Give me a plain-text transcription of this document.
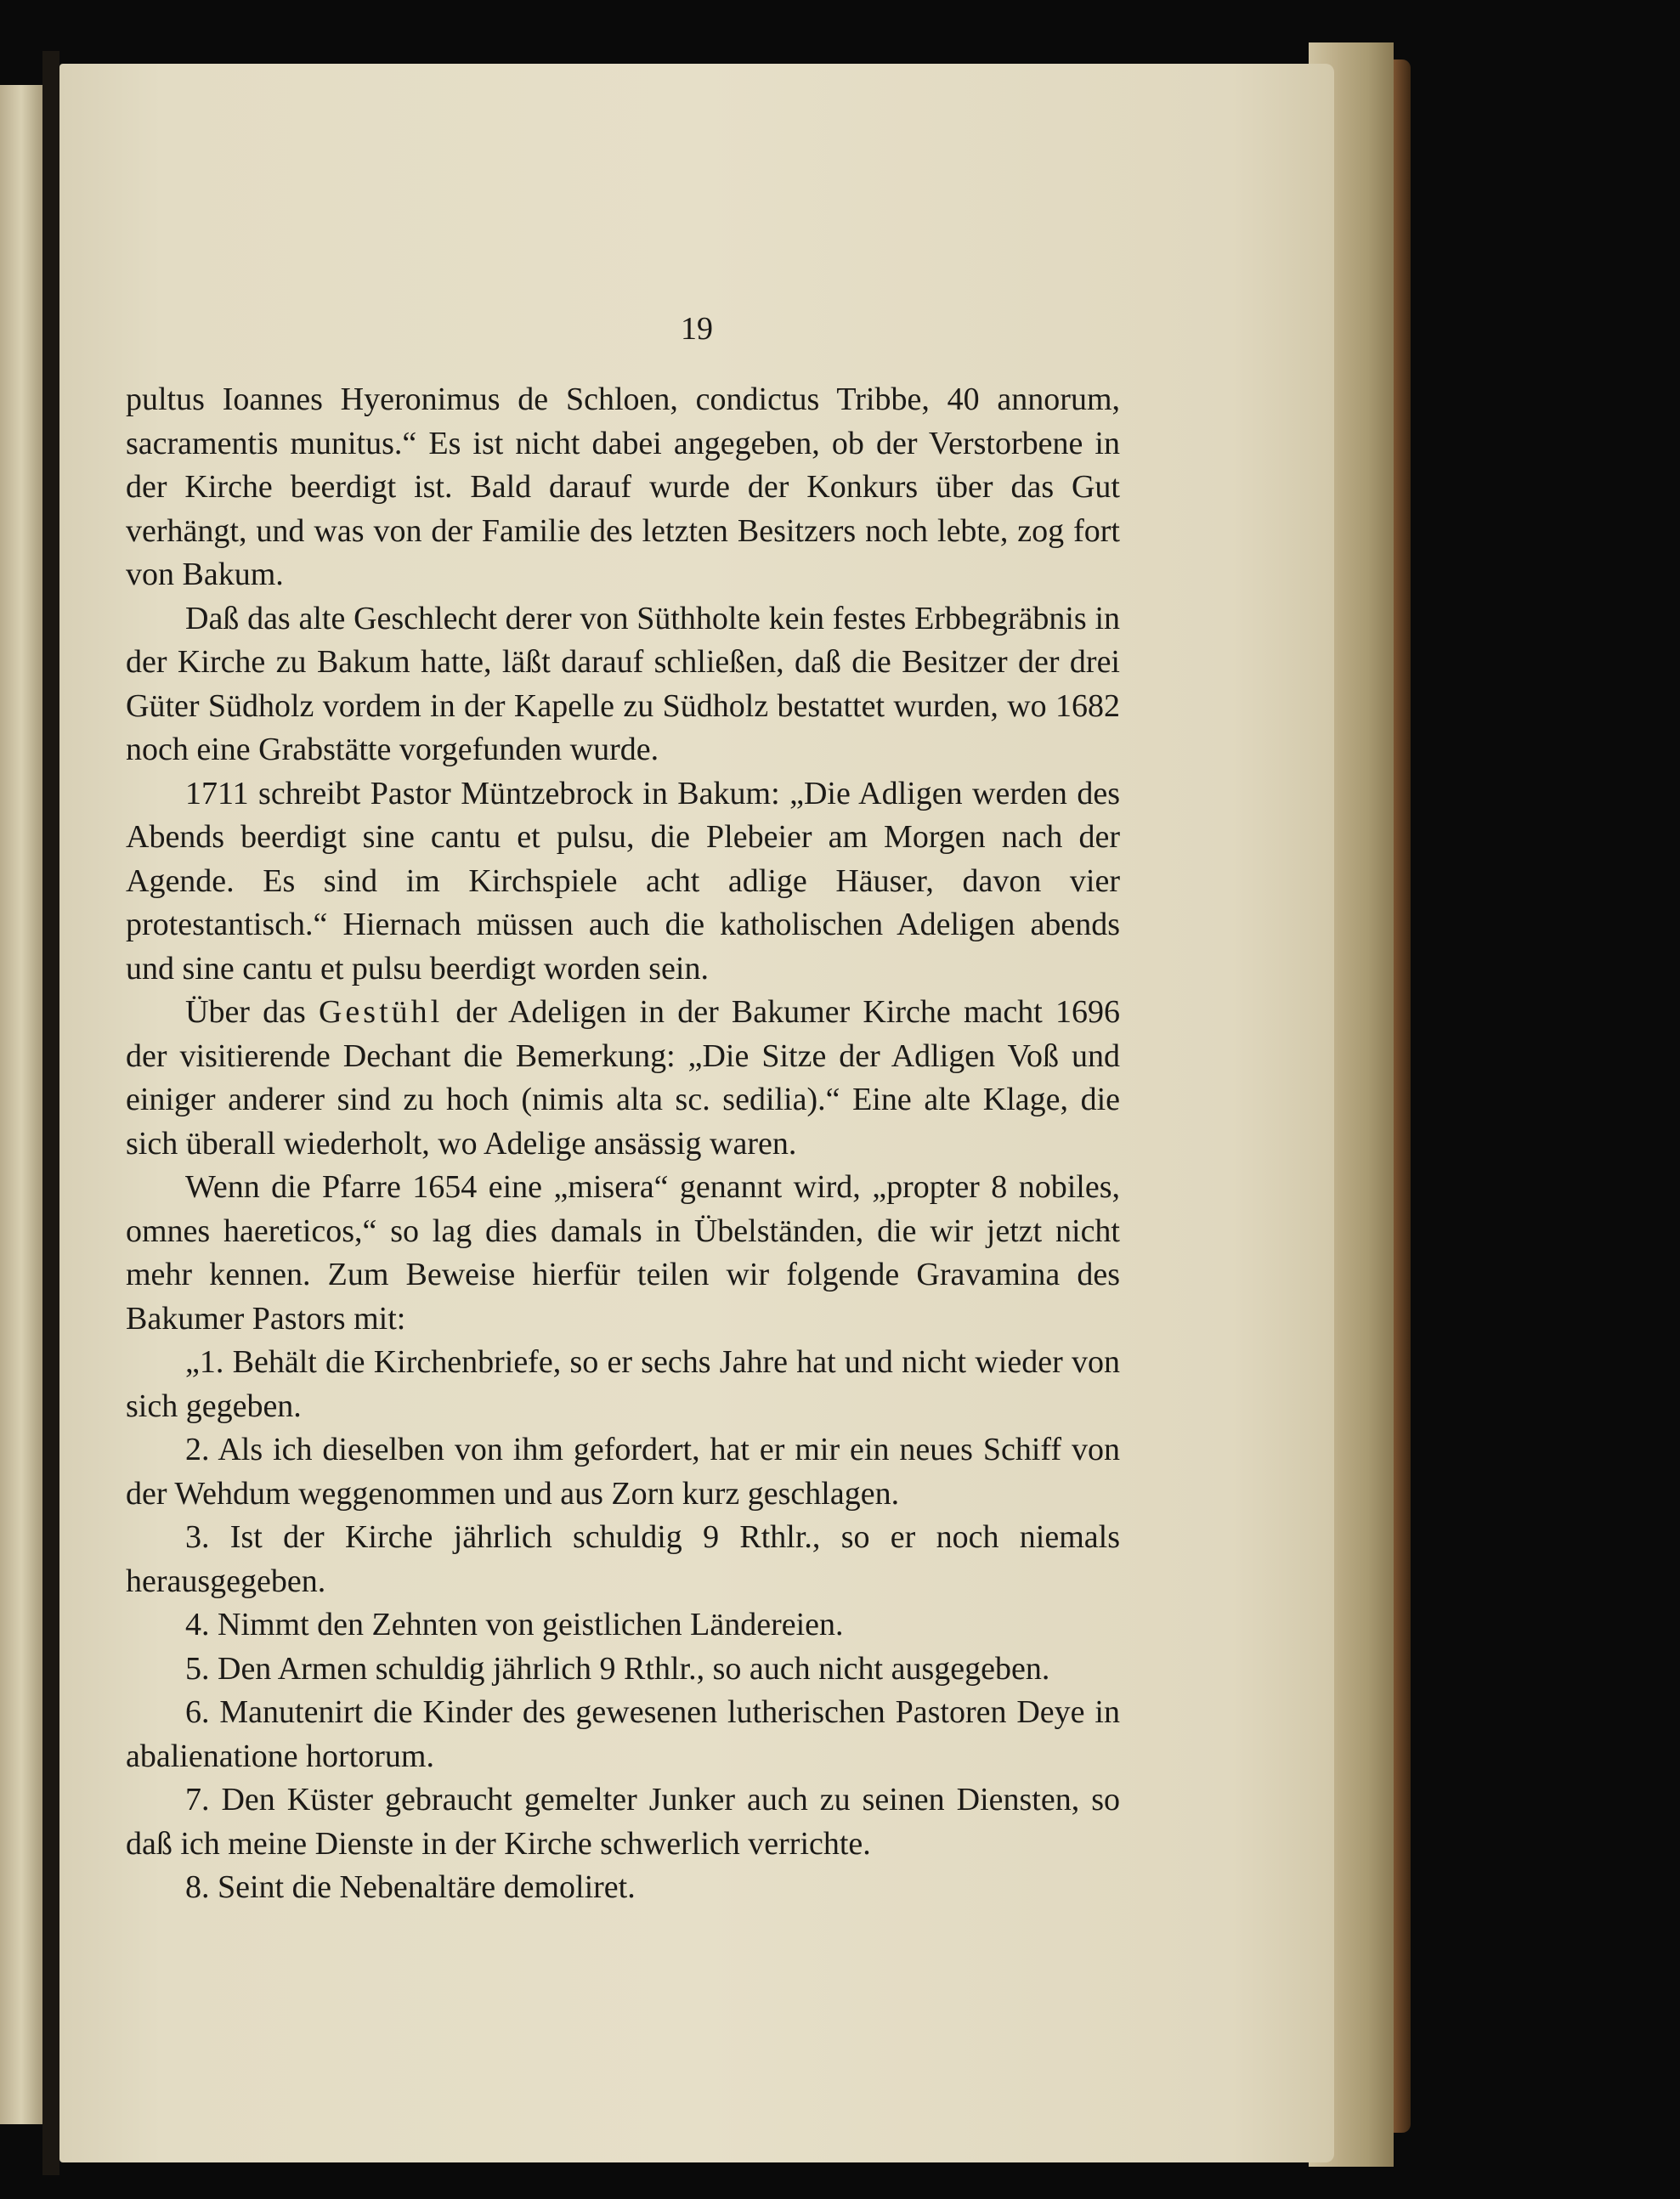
19

pultus Ioannes Hyeronimus de Schloen, condictus Tribbe, 40 annorum, sacramentis munitus.“ Es ist nicht dabei angegeben, ob der Verstorbene in der Kirche beerdigt ist. Bald darauf wurde der Konkurs über das Gut verhängt, und was von der Familie des letzten Besitzers noch lebte, zog fort von Bakum.

Daß das alte Geschlecht derer von Süthholte kein festes Erbbegräbnis in der Kirche zu Bakum hatte, läßt darauf schließen, daß die Besitzer der drei Güter Südholz vordem in der Kapelle zu Südholz bestattet wurden, wo 1682 noch eine Grabstätte vorgefunden wurde.

1711 schreibt Pastor Müntzebrock in Bakum: „Die Adligen werden des Abends beerdigt sine cantu et pulsu, die Plebeier am Morgen nach der Agende. Es sind im Kirchspiele acht adlige Häuser, davon vier protestantisch.“ Hiernach müssen auch die katholischen Adeligen abends und sine cantu et pulsu beerdigt worden sein.

Über das Gestühl der Adeligen in der Bakumer Kirche macht 1696 der visitierende Dechant die Bemerkung: „Die Sitze der Adligen Voß und einiger anderer sind zu hoch (nimis alta sc. sedilia).“ Eine alte Klage, die sich überall wiederholt, wo Adelige ansässig waren.

Wenn die Pfarre 1654 eine „misera“ genannt wird, „propter 8 nobiles, omnes haereticos,“ so lag dies damals in Übelständen, die wir jetzt nicht mehr kennen. Zum Beweise hierfür teilen wir folgende Gravamina des Bakumer Pastors mit:

„1. Behält die Kirchenbriefe, so er sechs Jahre hat und nicht wieder von sich gegeben.

2. Als ich dieselben von ihm gefordert, hat er mir ein neues Schiff von der Wehdum weggenommen und aus Zorn kurz geschlagen.

3. Ist der Kirche jährlich schuldig 9 Rthlr., so er noch niemals herausgegeben.

4. Nimmt den Zehnten von geistlichen Ländereien.

5. Den Armen schuldig jährlich 9 Rthlr., so auch nicht ausgegeben.

6. Manutenirt die Kinder des gewesenen lutherischen Pastoren Deye in abalienatione hortorum.

7. Den Küster gebraucht gemelter Junker auch zu seinen Diensten, so daß ich meine Dienste in der Kirche schwerlich verrichte.

8. Seint die Nebenaltäre demoliret.
